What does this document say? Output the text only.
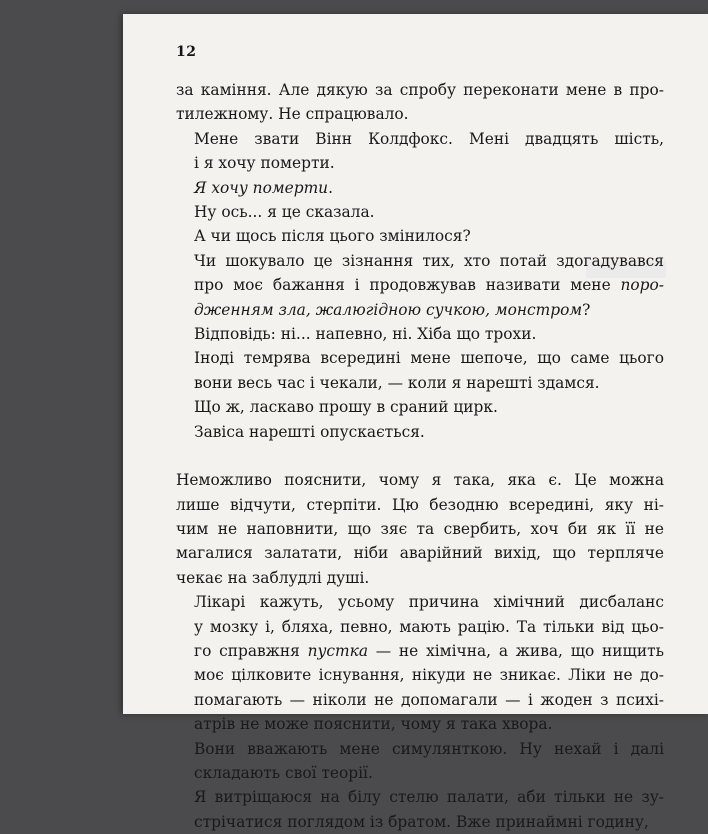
12

за каміння. Але дякую за спробу переконати мене в про-
тилежному. Не спрацювало.

Мене звати Вінн Колдфокс. Мені двадцять шість,
і я хочу померти.

Я хочу померти.

Ну ось... я це сказала.

А чи щось після цього змінилося?

Чи шокувало це зізнання тих, хто потай здогадувався
про моє бажання і продовжував називати мене поро-
дженням зла, жалюгідною сучкою, монстром?

Відповідь: ні... напевно, ні. Хіба що трохи.

Іноді темрява всередині мене шепоче, що саме цього
вони весь час і чекали, — коли я нарешті здамся.

Що ж, ласкаво прошу в сраний цирк.

Завіса нарешті опускається.

Неможливо пояснити, чому я така, яка є. Це можна
лише відчути, стерпіти. Цю безодню всередині, яку ні-
чим не наповнити, що зяє та свербить, хоч би як її не
магалися залатати, ніби аварійний вихід, що терпляче
чекає на заблудлі душі.

Лікарі кажуть, усьому причина хімічний дисбаланс
у мозку і, бляха, певно, мають рацію. Та тільки від цьо-
го справжня пустка — не хімічна, а жива, що нищить
моє цілковите існування, нікуди не зникає. Ліки не до-
помагають — ніколи не допомагали — і жоден з психі-
атрів не може пояснити, чому я така хвора.

Вони вважають мене симулянткою. Ну нехай і далі
складають свої теорії.

Я витріщаюся на білу стелю палати, аби тільки не зу-
стрічатися поглядом із братом. Вже принаймні годину,
